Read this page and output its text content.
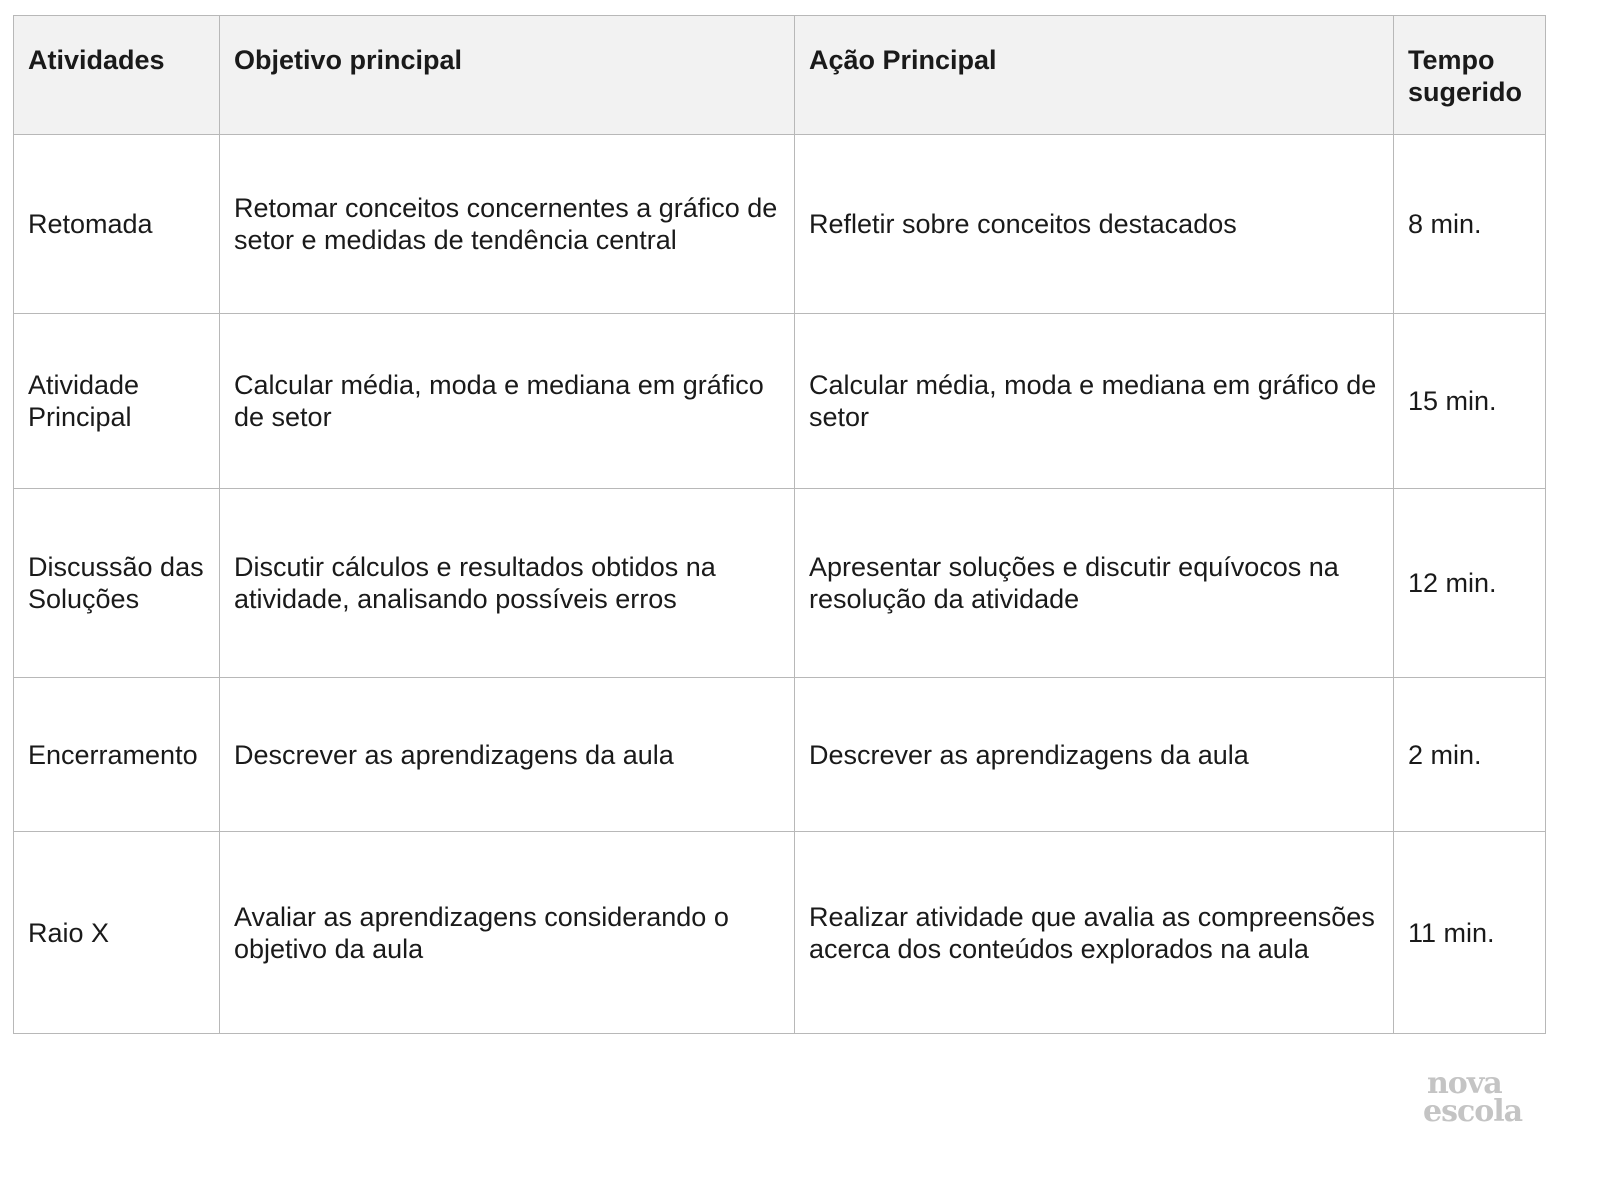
Atividades	Objetivo principal	Ação Principal	Tempo sugerido
Retomada	Retomar conceitos concernentes a gráfico de setor e medidas de tendência central	Refletir sobre conceitos destacados	8 min.
Atividade Principal	Calcular média, moda e mediana em gráfico de setor	Calcular média, moda e mediana em gráfico de setor	15 min.
Discussão das Soluções	Discutir cálculos e resultados obtidos na atividade, analisando possíveis erros	Apresentar soluções e discutir equívocos na resolução da atividade	12 min.
Encerramento	Descrever as aprendizagens da aula	Descrever as aprendizagens da aula	2 min.
Raio X	Avaliar as aprendizagens considerando o objetivo da aula	Realizar atividade que avalia as compreensões acerca dos conteúdos explorados na aula	11 min.
nova
escola
